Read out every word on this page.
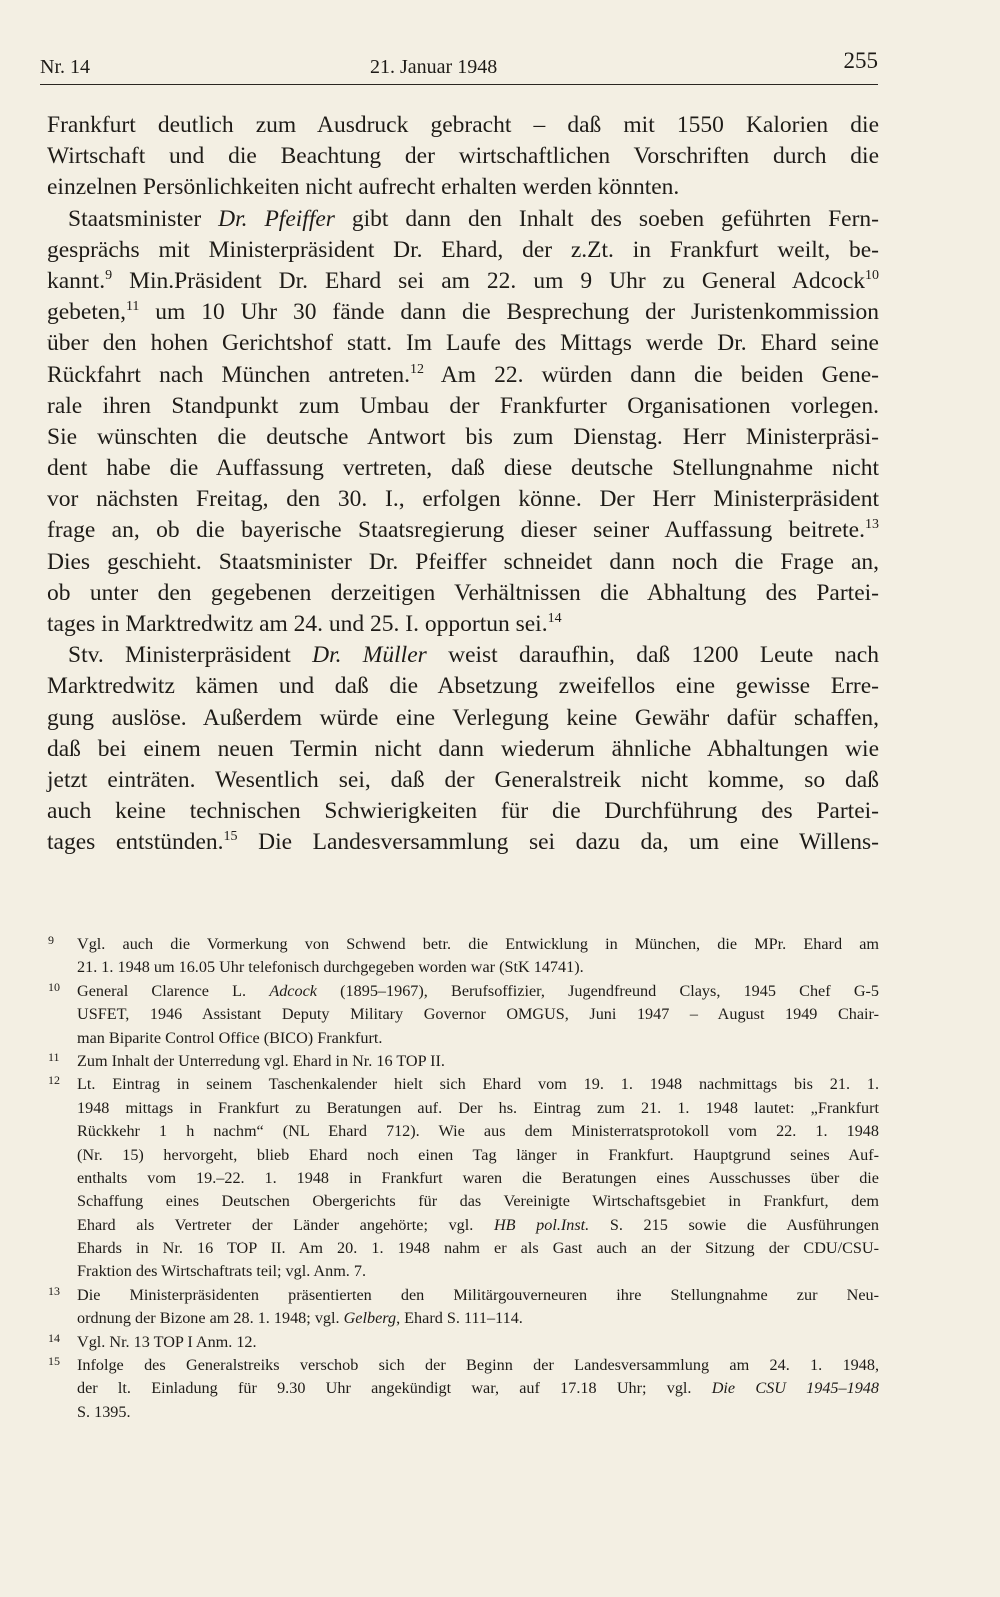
Nr. 14	21. Januar 1948	255
Frankfurt deutlich zum Ausdruck gebracht – daß mit 1550 Kalorien die
Wirtschaft und die Beachtung der wirtschaftlichen Vorschriften durch die
einzelnen Persönlichkeiten nicht aufrecht erhalten werden könnten.
Staatsminister Dr. Pfeiffer gibt dann den Inhalt des soeben geführten Fern-
gesprächs mit Ministerpräsident Dr. Ehard, der z.Zt. in Frankfurt weilt, be-
kannt.$^9$ Min.Präsident Dr. Ehard sei am 22. um 9 Uhr zu General Adcock$^{10}$
gebeten,$^{11}$ um 10 Uhr 30 fände dann die Besprechung der Juristenkommission
über den hohen Gerichtshof statt. Im Laufe des Mittags werde Dr. Ehard seine
Rückfahrt nach München antreten.$^{12}$ Am 22. würden dann die beiden Gene-
rale ihren Standpunkt zum Umbau der Frankfurter Organisationen vorlegen.
Sie wünschten die deutsche Antwort bis zum Dienstag. Herr Ministerpräsi-
dent habe die Auffassung vertreten, daß diese deutsche Stellungnahme nicht
vor nächsten Freitag, den 30. I., erfolgen könne. Der Herr Ministerpräsident
frage an, ob die bayerische Staatsregierung dieser seiner Auffassung beitrete.$^{13}$
Dies geschieht. Staatsminister Dr. Pfeiffer schneidet dann noch die Frage an,
ob unter den gegebenen derzeitigen Verhältnissen die Abhaltung des Partei-
tages in Marktredwitz am 24. und 25. I. opportun sei.$^{14}$
Stv. Ministerpräsident Dr. Müller weist daraufhin, daß 1200 Leute nach
Marktredwitz kämen und daß die Absetzung zweifellos eine gewisse Erre-
gung auslöse. Außerdem würde eine Verlegung keine Gewähr dafür schaffen,
daß bei einem neuen Termin nicht dann wiederum ähnliche Abhaltungen wie
jetzt einträten. Wesentlich sei, daß der Generalstreik nicht komme, so daß
auch keine technischen Schwierigkeiten für die Durchführung des Partei-
tages entstünden.$^{15}$ Die Landesversammlung sei dazu da, um eine Willens-
9 Vgl. auch die Vormerkung von Schwend betr. die Entwicklung in München, die MPr. Ehard am
21. 1. 1948 um 16.05 Uhr telefonisch durchgegeben worden war (StK 14741).
10 General Clarence L. Adcock (1895–1967), Berufsoffizier, Jugendfreund Clays, 1945 Chef G-5
USFET, 1946 Assistant Deputy Military Governor OMGUS, Juni 1947 – August 1949 Chair-
man Biparite Control Office (BICO) Frankfurt.
11 Zum Inhalt der Unterredung vgl. Ehard in Nr. 16 TOP II.
12 Lt. Eintrag in seinem Taschenkalender hielt sich Ehard vom 19. 1. 1948 nachmittags bis 21. 1.
1948 mittags in Frankfurt zu Beratungen auf. Der hs. Eintrag zum 21. 1. 1948 lautet: „Frankfurt
Rückkehr 1 h nachm“ (NL Ehard 712). Wie aus dem Ministerratsprotokoll vom 22. 1. 1948
(Nr. 15) hervorgeht, blieb Ehard noch einen Tag länger in Frankfurt. Hauptgrund seines Auf-
enthalts vom 19.–22. 1. 1948 in Frankfurt waren die Beratungen eines Ausschusses über die
Schaffung eines Deutschen Obergerichts für das Vereinigte Wirtschaftsgebiet in Frankfurt, dem
Ehard als Vertreter der Länder angehörte; vgl. HB pol.Inst. S. 215 sowie die Ausführungen
Ehards in Nr. 16 TOP II. Am 20. 1. 1948 nahm er als Gast auch an der Sitzung der CDU/CSU-
Fraktion des Wirtschaftrats teil; vgl. Anm. 7.
13 Die Ministerpräsidenten präsentierten den Militärgouverneuren ihre Stellungnahme zur Neu-
ordnung der Bizone am 28. 1. 1948; vgl. Gelberg, Ehard S. 111–114.
14 Vgl. Nr. 13 TOP I Anm. 12.
15 Infolge des Generalstreiks verschob sich der Beginn der Landesversammlung am 24. 1. 1948,
der lt. Einladung für 9.30 Uhr angekündigt war, auf 17.18 Uhr; vgl. Die CSU 1945–1948
S. 1395.
